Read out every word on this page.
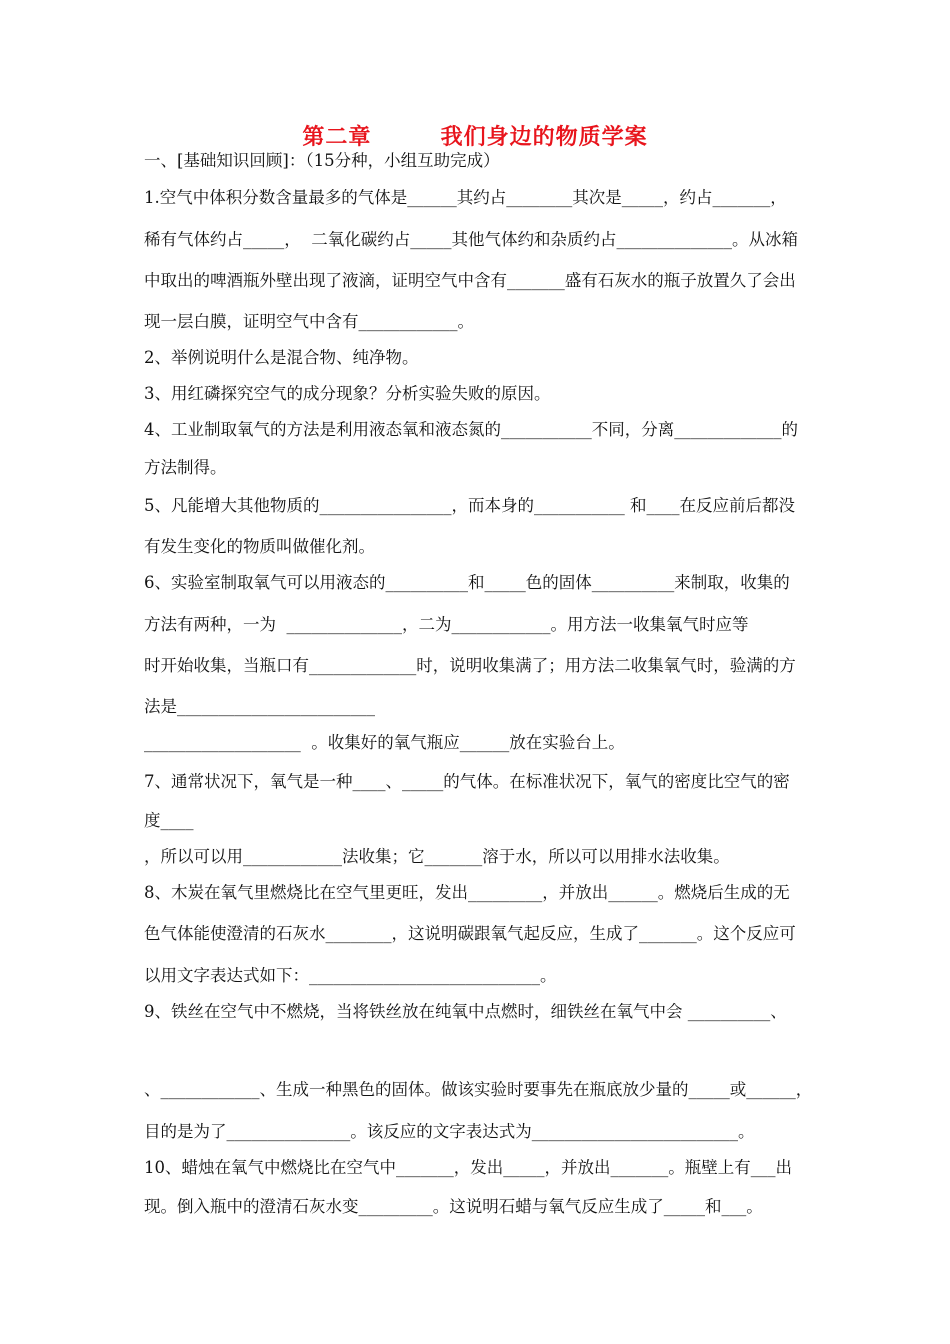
第二章        我们身边的物质学案
一、[基础知识回顾]：（15分种，小组互助完成）
1.空气中体积分数含量最多的气体是______其约占________其次是_____，约占_______，
稀有气体约占_____，  二氧化碳约占_____其他气体约和杂质约占______________。从冰箱
中取出的啤酒瓶外壁出现了液滴，证明空气中含有_______盛有石灰水的瓶子放置久了会出
现一层白膜，证明空气中含有____________。
2、举例说明什么是混合物、纯净物。
3、用红磷探究空气的成分现象？分析实验失败的原因。
4、工业制取氧气的方法是利用液态氧和液态氮的___________不同，分离_____________的
方法制得。
5、凡能增大其他物质的________________，而本身的___________ 和____在反应前后都没
有发生变化的物质叫做催化剂。
6、实验室制取氧气可以用液态的__________和_____色的固体__________来制取，收集的
方法有两种，一为  ______________，二为____________。用方法一收集氧气时应等
时开始收集，当瓶口有_____________时，说明收集满了；用方法二收集氧气时，验满的方
法是________________________
___________________  。收集好的氧气瓶应______放在实验台上。
7、通常状况下，氧气是一种____、_____的气体。在标准状况下，氧气的密度比空气的密
度____
，所以可以用____________法收集；它_______溶于水，所以可以用排水法收集。
8、木炭在氧气里燃烧比在空气里更旺，发出_________，并放出______。燃烧后生成的无
色气体能使澄清的石灰水________，这说明碳跟氧气起反应，生成了_______。这个反应可
以用文字表达式如下：____________________________。
9、铁丝在空气中不燃烧，当将铁丝放在纯氧中点燃时，细铁丝在氧气中会 __________、
、____________、生成一种黑色的固体。做该实验时要事先在瓶底放少量的_____或______，
目的是为了_______________。该反应的文字表达式为_________________________。
10、蜡烛在氧气中燃烧比在空气中_______，发出_____，并放出_______。瓶壁上有___出
现。倒入瓶中的澄清石灰水变_________。这说明石蜡与氧气反应生成了_____和___。
